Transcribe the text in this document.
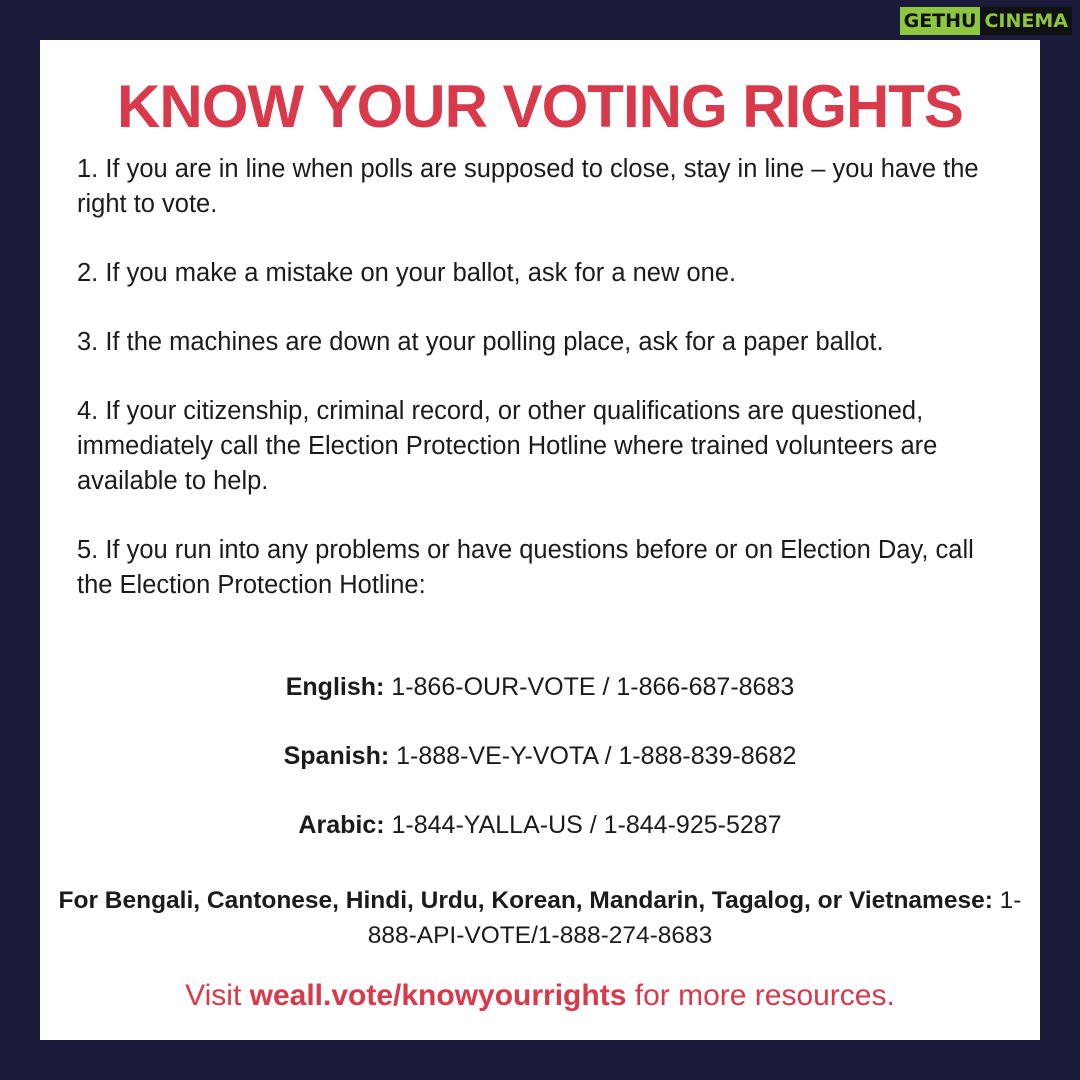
GETHU CINEMA
KNOW YOUR VOTING RIGHTS
1. If you are in line when polls are supposed to close, stay in line – you have the right to vote.
2. If you make a mistake on your ballot, ask for a new one.
3. If the machines are down at your polling place, ask for a paper ballot.
4. If your citizenship, criminal record, or other qualifications are questioned, immediately call the Election Protection Hotline where trained volunteers are available to help.
5. If you run into any problems or have questions before or on Election Day, call the Election Protection Hotline:
English: 1-866-OUR-VOTE / 1-866-687-8683
Spanish: 1-888-VE-Y-VOTA / 1-888-839-8682
Arabic: 1-844-YALLA-US / 1-844-925-5287
For Bengali, Cantonese, Hindi, Urdu, Korean, Mandarin, Tagalog, or Vietnamese: 1-888-API-VOTE/1-888-274-8683
Visit weall.vote/knowyourrights for more resources.
